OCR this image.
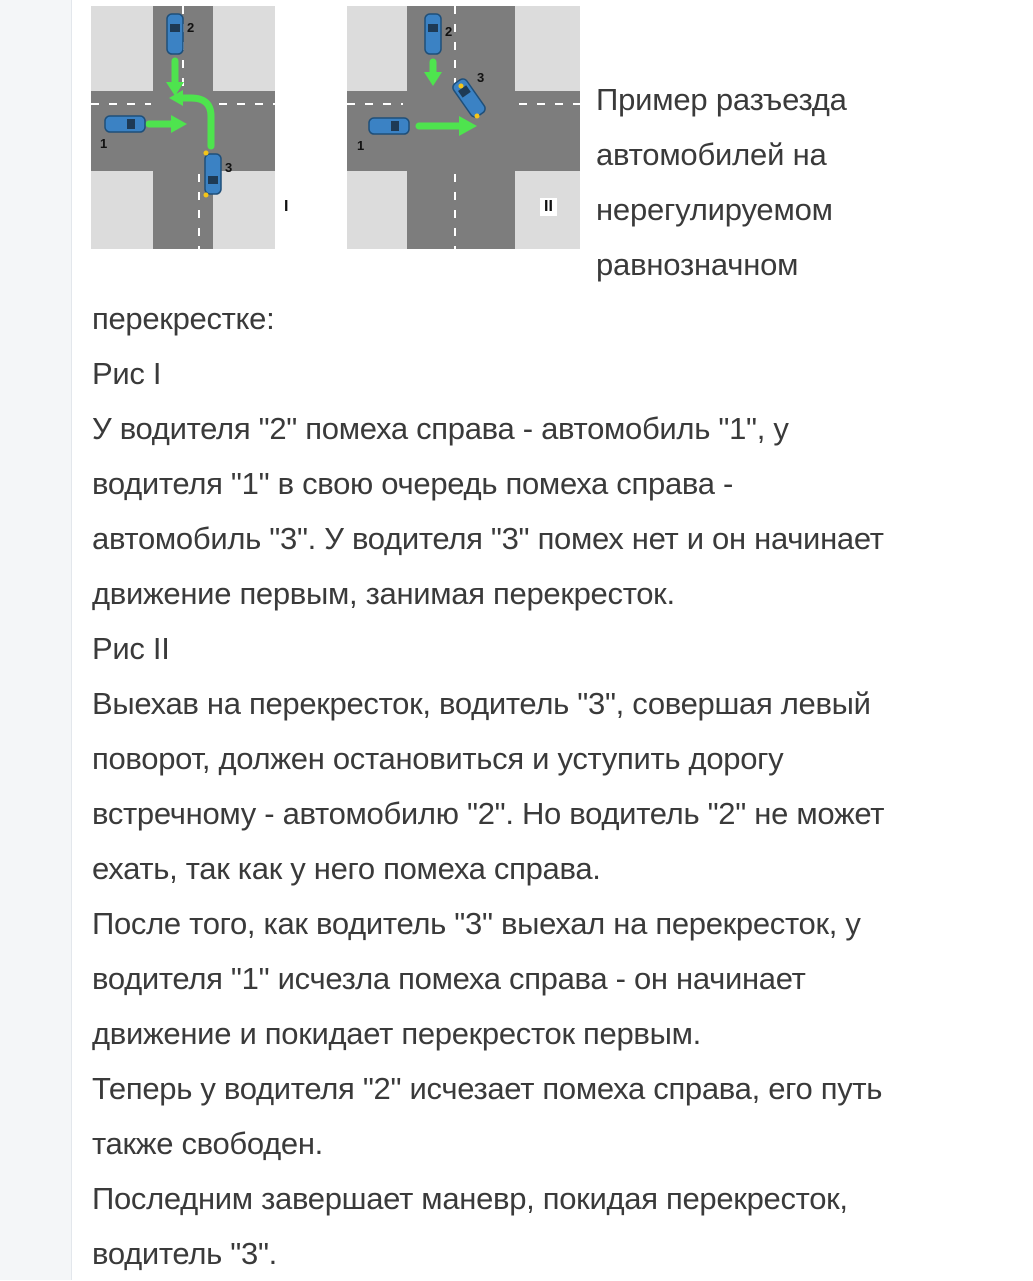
2
1
3
I
2
1
3
II
Пример разъезда
автомобилей на
нерегулируемом
равнозначном

перекрестке:

Рис I

У водителя "2" помеха справа - автомобиль "1", у

водителя "1" в свою очередь помеха справа -

автомобиль "3". У водителя "3" помех нет и он начинает

движение первым, занимая перекресток.

Рис II

Выехав на перекресток, водитель "3", совершая левый

поворот, должен остановиться и уступить дорогу

встречному - автомобилю "2". Но водитель "2" не может

ехать, так как у него помеха справа.

После того, как водитель "3" выехал на перекресток, у

водителя "1" исчезла помеха справа - он начинает

движение и покидает перекресток первым.

Теперь у водителя "2" исчезает помеха справа, его путь

также свободен.

Последним завершает маневр, покидая перекресток,

водитель "3".
